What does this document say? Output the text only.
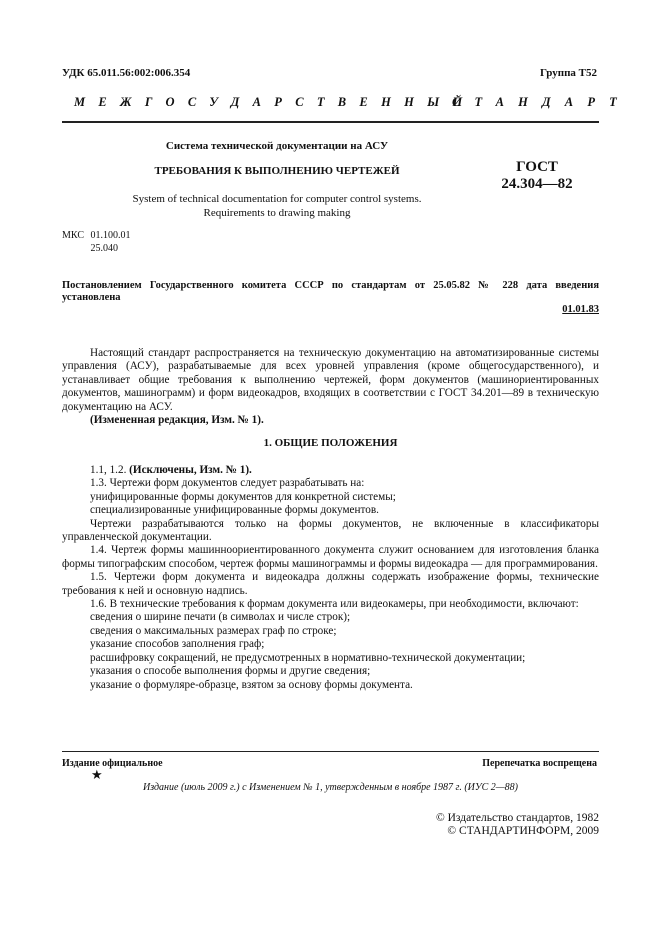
УДК 65.011.56:002:006.354	Группа Т52
МЕЖГОСУДАРСТВЕННЫЙ
СТАНДАРТ
Система технической документации на АСУ
ТРЕБОВАНИЯ К ВЫПОЛНЕНИЮ ЧЕРТЕЖЕЙ	ГОСТ
24.304—82
System of technical documentation for computer control systems.
Requirements to drawing making
МКС 01.100.01
25.040
Постановлением Государственного комитета СССР по стандартам от 25.05.82 № 228 дата введения
установлена
01.01.83

Настоящий стандарт распространяется на техническую документацию на автоматизированные системы управления (АСУ), разрабатываемые для всех уровней управления (кроме общегосударственного), и устанавливает общие требования к выполнению чертежей, форм документов (машинориентированных документов, машинограмм) и форм видеокадров, входящих в соответствии с ГОСТ 34.201—89 в техническую документацию на АСУ.

(Измененная редакция, Изм. № 1).

1. ОБЩИЕ ПОЛОЖЕНИЯ

1.1, 1.2. (Исключены, Изм. № 1).

1.3. Чертежи форм документов следует разрабатывать на:

унифицированные формы документов для конкретной системы;

специализированные унифицированные формы документов.

Чертежи разрабатываются только на формы документов, не включенные в классификаторы управленческой документации.

1.4. Чертеж формы машинноориентированного документа служит основанием для изготовления бланка формы типографским способом, чертеж формы машинограммы и формы видеокадра — для программирования.

1.5. Чертежи форм документа и видеокадра должны содержать изображение формы, технические требования к ней и основную надпись.

1.6. В технические требования к формам документа или видеокамеры, при необходимости, включают:

сведения о ширине печати (в символах и числе строк);

сведения о максимальных размерах граф по строке;

указание способов заполнения граф;

расшифровку сокращений, не предусмотренных в нормативно-технической документации;

указания о способе выполнения формы и другие сведения;

указание о формуляре-образце, взятом за основу формы документа.

Издание официальное	Перепечатка воспрещена
★
Издание (июль 2009 г.) с Изменением № 1, утвержденным в ноябре 1987 г. (ИУС 2—88)
© Издательство стандартов, 1982
© СТАНДАРТИНФОРМ, 2009
